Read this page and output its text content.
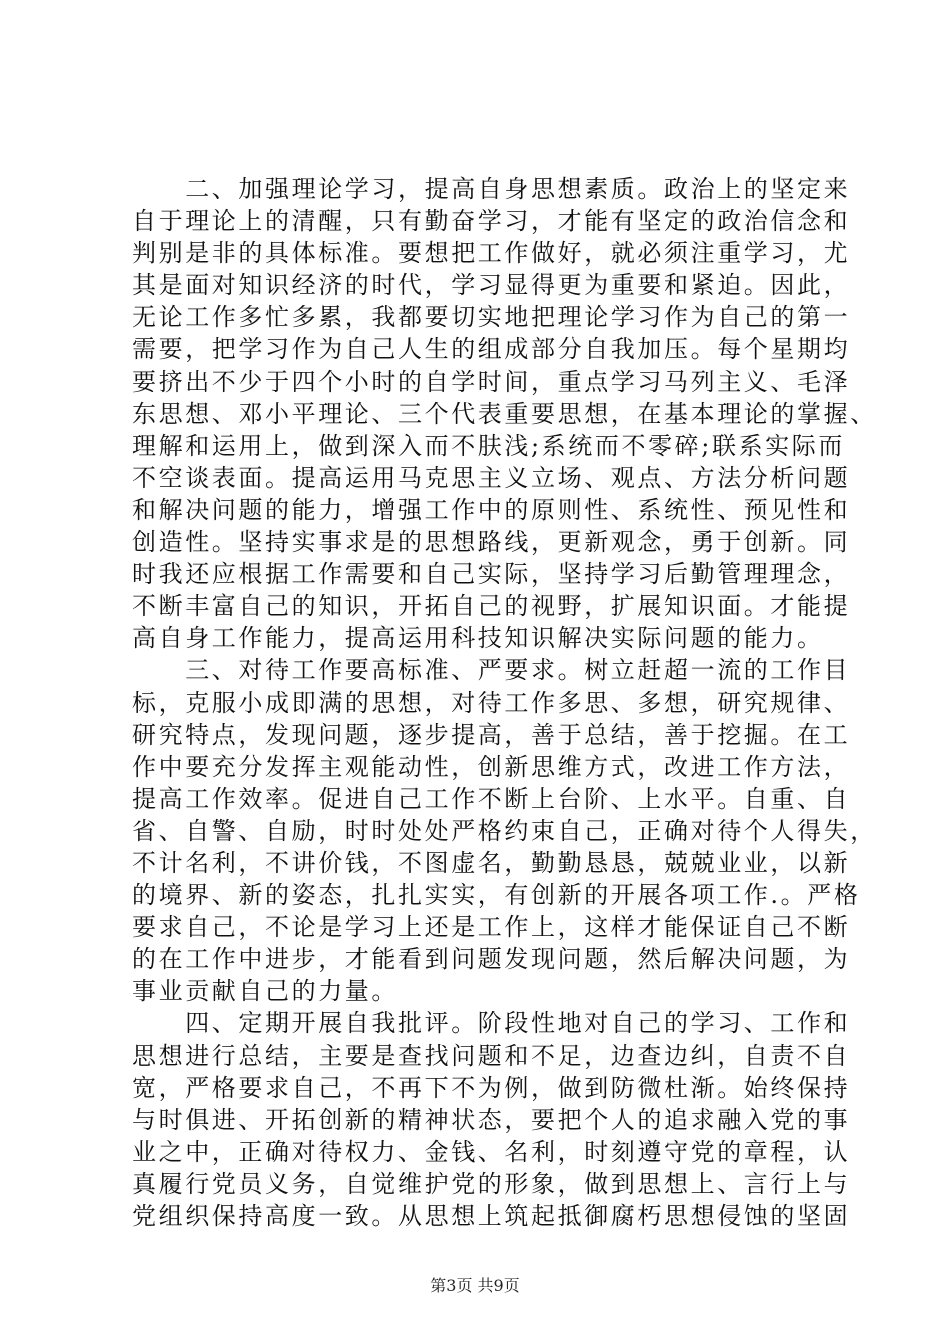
　　二、加强理论学习，提高自身思想素质。政治上的坚定来
自于理论上的清醒，只有勤奋学习，才能有坚定的政治信念和
判别是非的具体标准。要想把工作做好，就必须注重学习，尤
其是面对知识经济的时代，学习显得更为重要和紧迫。因此，
无论工作多忙多累，我都要切实地把理论学习作为自己的第一
需要，把学习作为自己人生的组成部分自我加压。每个星期均
要挤出不少于四个小时的自学时间，重点学习马列主义、毛泽
东思想、邓小平理论、三个代表重要思想，在基本理论的掌握、
理解和运用上，做到深入而不肤浅;系统而不零碎;联系实际而
不空谈表面。提高运用马克思主义立场、观点、方法分析问题
和解决问题的能力，增强工作中的原则性、系统性、预见性和
创造性。坚持实事求是的思想路线，更新观念，勇于创新。同
时我还应根据工作需要和自己实际，坚持学习后勤管理理念，
不断丰富自己的知识，开拓自己的视野，扩展知识面。才能提
高自身工作能力，提高运用科技知识解决实际问题的能力。
　　三、对待工作要高标准、严要求。树立赶超一流的工作目
标，克服小成即满的思想，对待工作多思、多想，研究规律、
研究特点，发现问题，逐步提高，善于总结，善于挖掘。在工
作中要充分发挥主观能动性，创新思维方式，改进工作方法，
提高工作效率。促进自己工作不断上台阶、上水平。自重、自
省、自警、自励，时时处处严格约束自己，正确对待个人得失，
不计名利，不讲价钱，不图虚名，勤勤恳恳，兢兢业业，以新
的境界、新的姿态，扎扎实实，有创新的开展各项工作.。严格
要求自己，不论是学习上还是工作上，这样才能保证自己不断
的在工作中进步，才能看到问题发现问题，然后解决问题，为
事业贡献自己的力量。
　　四、定期开展自我批评。阶段性地对自己的学习、工作和
思想进行总结，主要是查找问题和不足，边查边纠，自责不自
宽，严格要求自己，不再下不为例，做到防微杜渐。始终保持
与时俱进、开拓创新的精神状态，要把个人的追求融入党的事
业之中，正确对待权力、金钱、名利，时刻遵守党的章程，认
真履行党员义务，自觉维护党的形象，做到思想上、言行上与
党组织保持高度一致。从思想上筑起抵御腐朽思想侵蚀的坚固
第3页 共9页
